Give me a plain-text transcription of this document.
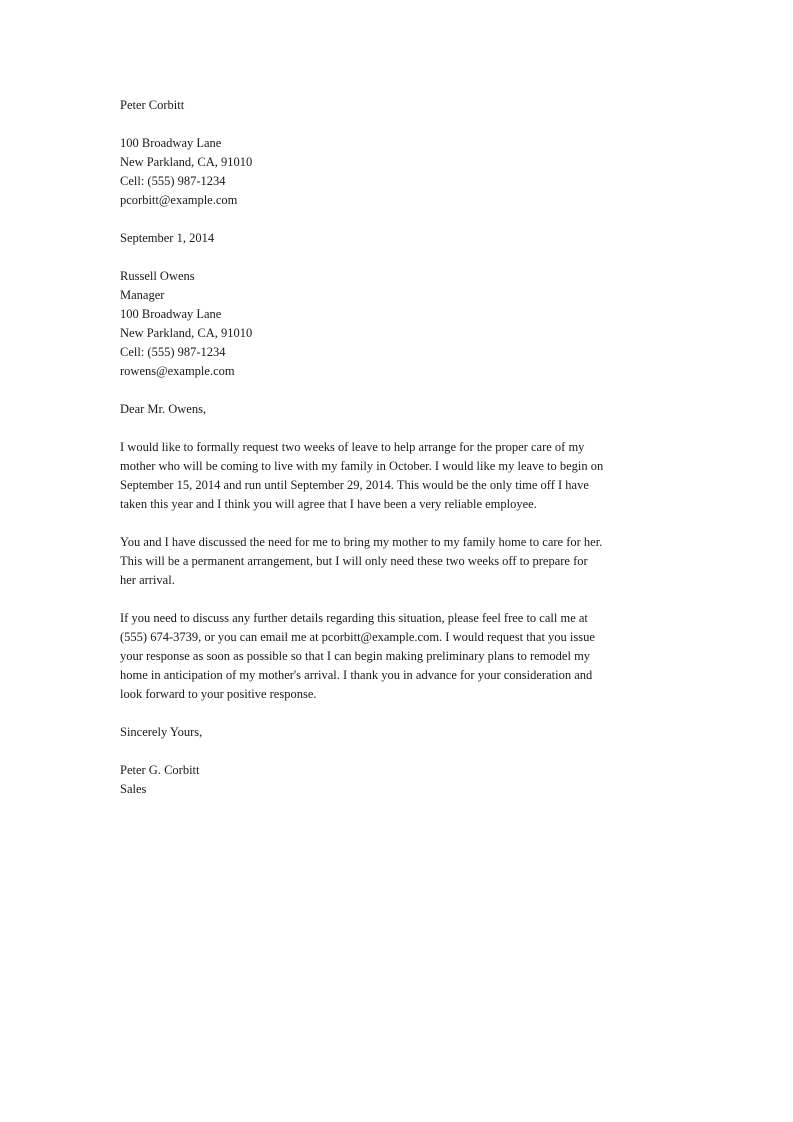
Peter Corbitt
100 Broadway Lane
New Parkland, CA, 91010
Cell: (555) 987-1234
pcorbitt@example.com
September 1, 2014
Russell Owens
Manager
100 Broadway Lane
New Parkland, CA, 91010
Cell: (555) 987-1234
rowens@example.com
Dear Mr. Owens,
I would like to formally request two weeks of leave to help arrange for the proper care of my
mother who will be coming to live with my family in October. I would like my leave to begin on
September 15, 2014 and run until September 29, 2014. This would be the only time off I have
taken this year and I think you will agree that I have been a very reliable employee.
You and I have discussed the need for me to bring my mother to my family home to care for her.
This will be a permanent arrangement, but I will only need these two weeks off to prepare for
her arrival.
If you need to discuss any further details regarding this situation, please feel free to call me at
(555) 674-3739, or you can email me at pcorbitt@example.com. I would request that you issue
your response as soon as possible so that I can begin making preliminary plans to remodel my
home in anticipation of my mother's arrival. I thank you in advance for your consideration and
look forward to your positive response.
Sincerely Yours,
Peter G. Corbitt
Sales
